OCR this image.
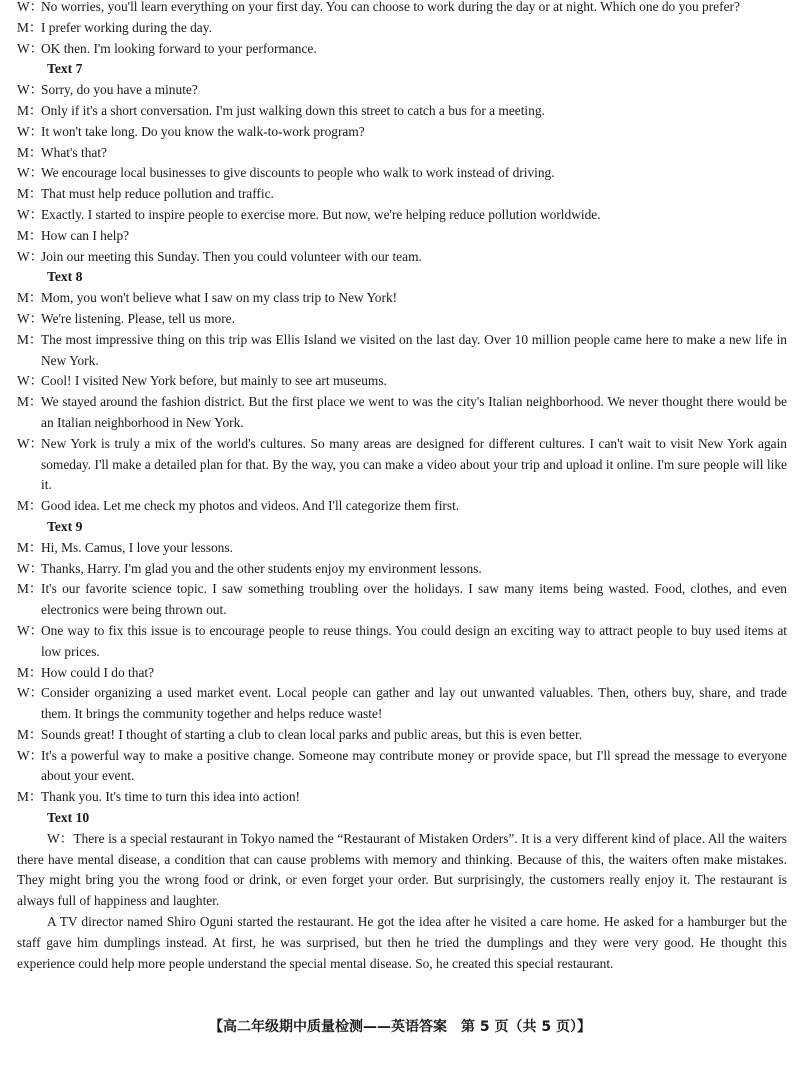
W：
No worries, you'll learn everything on your first day. You can choose to work during the day or at night. Which one do you prefer?
M：
I prefer working during the day.
W：
OK then. I'm looking forward to your performance.
Text 7
W：
Sorry, do you have a minute?
M：
Only if it's a short conversation. I'm just walking down this street to catch a bus for a meeting.
W：
It won't take long. Do you know the walk-to-work program?
M：
What's that?
W：
We encourage local businesses to give discounts to people who walk to work instead of driving.
M：
That must help reduce pollution and traffic.
W：
Exactly. I started to inspire people to exercise more. But now, we're helping reduce pollution worldwide.
M：
How can I help?
W：
Join our meeting this Sunday. Then you could volunteer with our team.
Text 8
M：
Mom, you won't believe what I saw on my class trip to New York!
W：
We're listening. Please, tell us more.
M：
The most impressive thing on this trip was Ellis Island we visited on the last day. Over 10 million people came here to make a new life in New York.
W：
Cool! I visited New York before, but mainly to see art museums.
M：
We stayed around the fashion district. But the first place we went to was the city's Italian neighborhood. We never thought there would be an Italian neighborhood in New York.
W：
New York is truly a mix of the world's cultures. So many areas are designed for different cultures. I can't wait to visit New York again someday. I'll make a detailed plan for that. By the way, you can make a video about your trip and upload it online. I'm sure people will like it.
M：
Good idea. Let me check my photos and videos. And I'll categorize them first.
Text 9
M：
Hi, Ms. Camus, I love your lessons.
W：
Thanks, Harry. I'm glad you and the other students enjoy my environment lessons.
M：
It's our favorite science topic. I saw something troubling over the holidays. I saw many items being wasted. Food, clothes, and even electronics were being thrown out.
W：
One way to fix this issue is to encourage people to reuse things. You could design an exciting way to attract people to buy used items at low prices.
M：
How could I do that?
W：
Consider organizing a used market event. Local people can gather and lay out unwanted valuables. Then, others buy, share, and trade them. It brings the community together and helps reduce waste!
M：
Sounds great! I thought of starting a club to clean local parks and public areas, but this is even better.
W：
It's a powerful way to make a positive change. Someone may contribute money or provide space, but I'll spread the message to everyone about your event.
M：
Thank you. It's time to turn this idea into action!
Text 10
W：There is a special restaurant in Tokyo named the “Restaurant of Mistaken Orders”. It is a very different kind of place. All the waiters there have mental disease, a condition that can cause problems with memory and thinking. Because of this, the waiters often make mistakes. They might bring you the wrong food or drink, or even forget your order. But surprisingly, the customers really enjoy it. The restaurant is always full of happiness and laughter.
A TV director named Shiro Oguni started the restaurant. He got the idea after he visited a care home. He asked for a hamburger but the staff gave him dumplings instead. At first, he was surprised, but then he tried the dumplings and they were very good. He thought this experience could help more people understand the special mental disease. So, he created this special restaurant.
【高二年级期中质量检测——英语答案　第 5 页（共 5 页）】
